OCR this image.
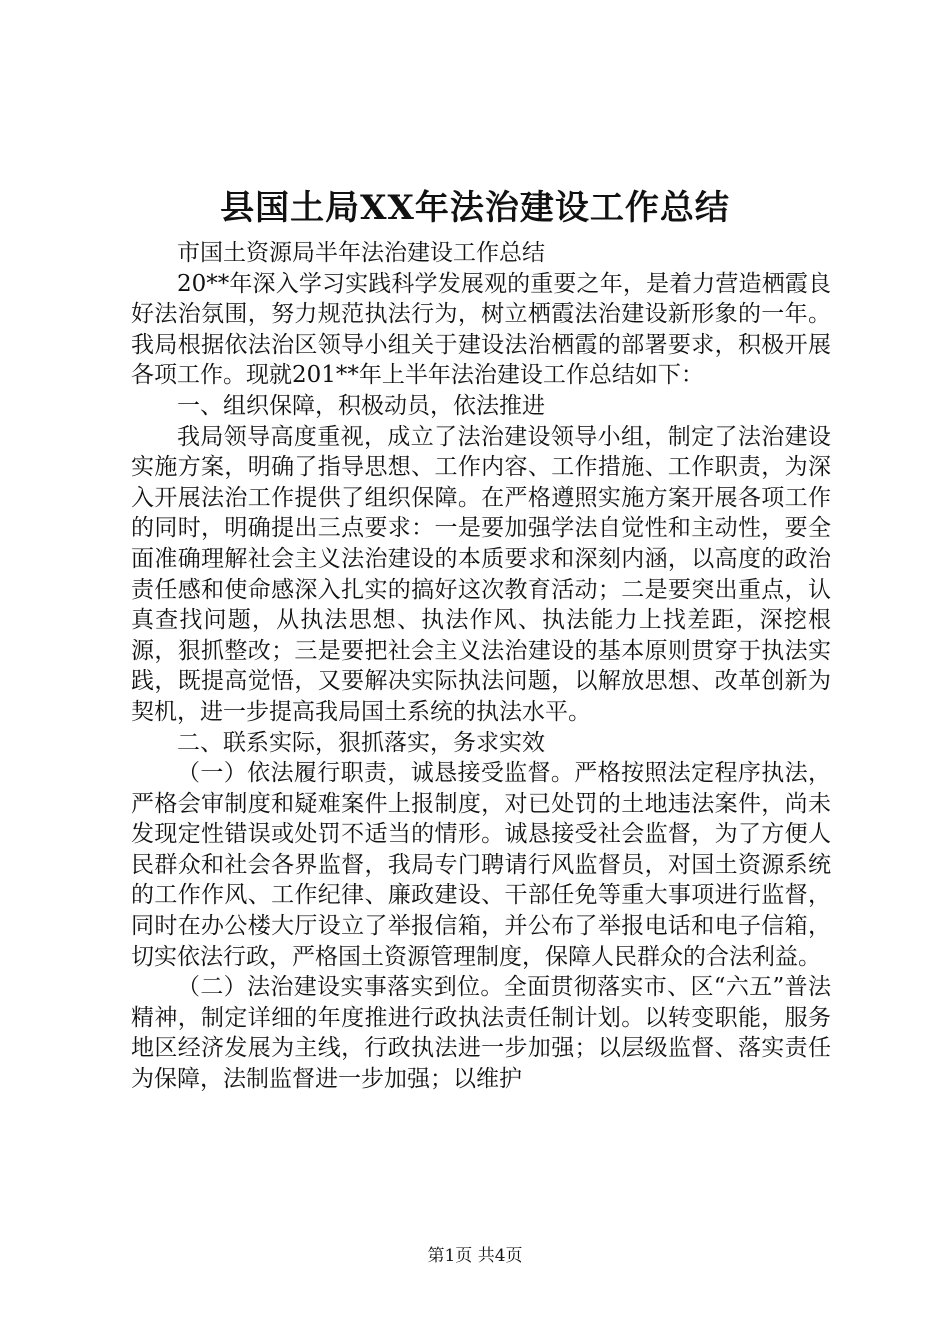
县国土局XX年法治建设工作总结

市国土资源局半年法治建设工作总结

20**年深入学习实践科学发展观的重要之年，是着力营造栖霞良好法治氛围，努力规范执法行为，树立栖霞法治建设新形象的一年。我局根据依法治区领导小组关于建设法治栖霞的部署要求，积极开展各项工作。现就201**年上半年法治建设工作总结如下：

一、组织保障，积极动员，依法推进

我局领导高度重视，成立了法治建设领导小组，制定了法治建设实施方案，明确了指导思想、工作内容、工作措施、工作职责，为深入开展法治工作提供了组织保障。在严格遵照实施方案开展各项工作的同时，明确提出三点要求：一是要加强学法自觉性和主动性，要全面准确理解社会主义法治建设的本质要求和深刻内涵，以高度的政治责任感和使命感深入扎实的搞好这次教育活动；二是要突出重点，认真查找问题，从执法思想、执法作风、执法能力上找差距，深挖根源，狠抓整改；三是要把社会主义法治建设的基本原则贯穿于执法实践，既提高觉悟，又要解决实际执法问题，以解放思想、改革创新为契机，进一步提高我局国土系统的执法水平。

二、联系实际，狠抓落实，务求实效

（一）依法履行职责，诚恳接受监督。严格按照法定程序执法，严格会审制度和疑难案件上报制度，对已处罚的土地违法案件，尚未发现定性错误或处罚不适当的情形。诚恳接受社会监督，为了方便人民群众和社会各界监督，我局专门聘请行风监督员，对国土资源系统的工作作风、工作纪律、廉政建设、干部任免等重大事项进行监督，同时在办公楼大厅设立了举报信箱，并公布了举报电话和电子信箱，切实依法行政，严格国土资源管理制度，保障人民群众的合法利益。

（二）法治建设实事落实到位。全面贯彻落实市、区“六五”普法精神，制定详细的年度推进行政执法责任制计划。以转变职能，服务地区经济发展为主线，行政执法进一步加强；以层级监督、落实责任为保障，法制监督进一步加强；以维护

第1页 共4页
